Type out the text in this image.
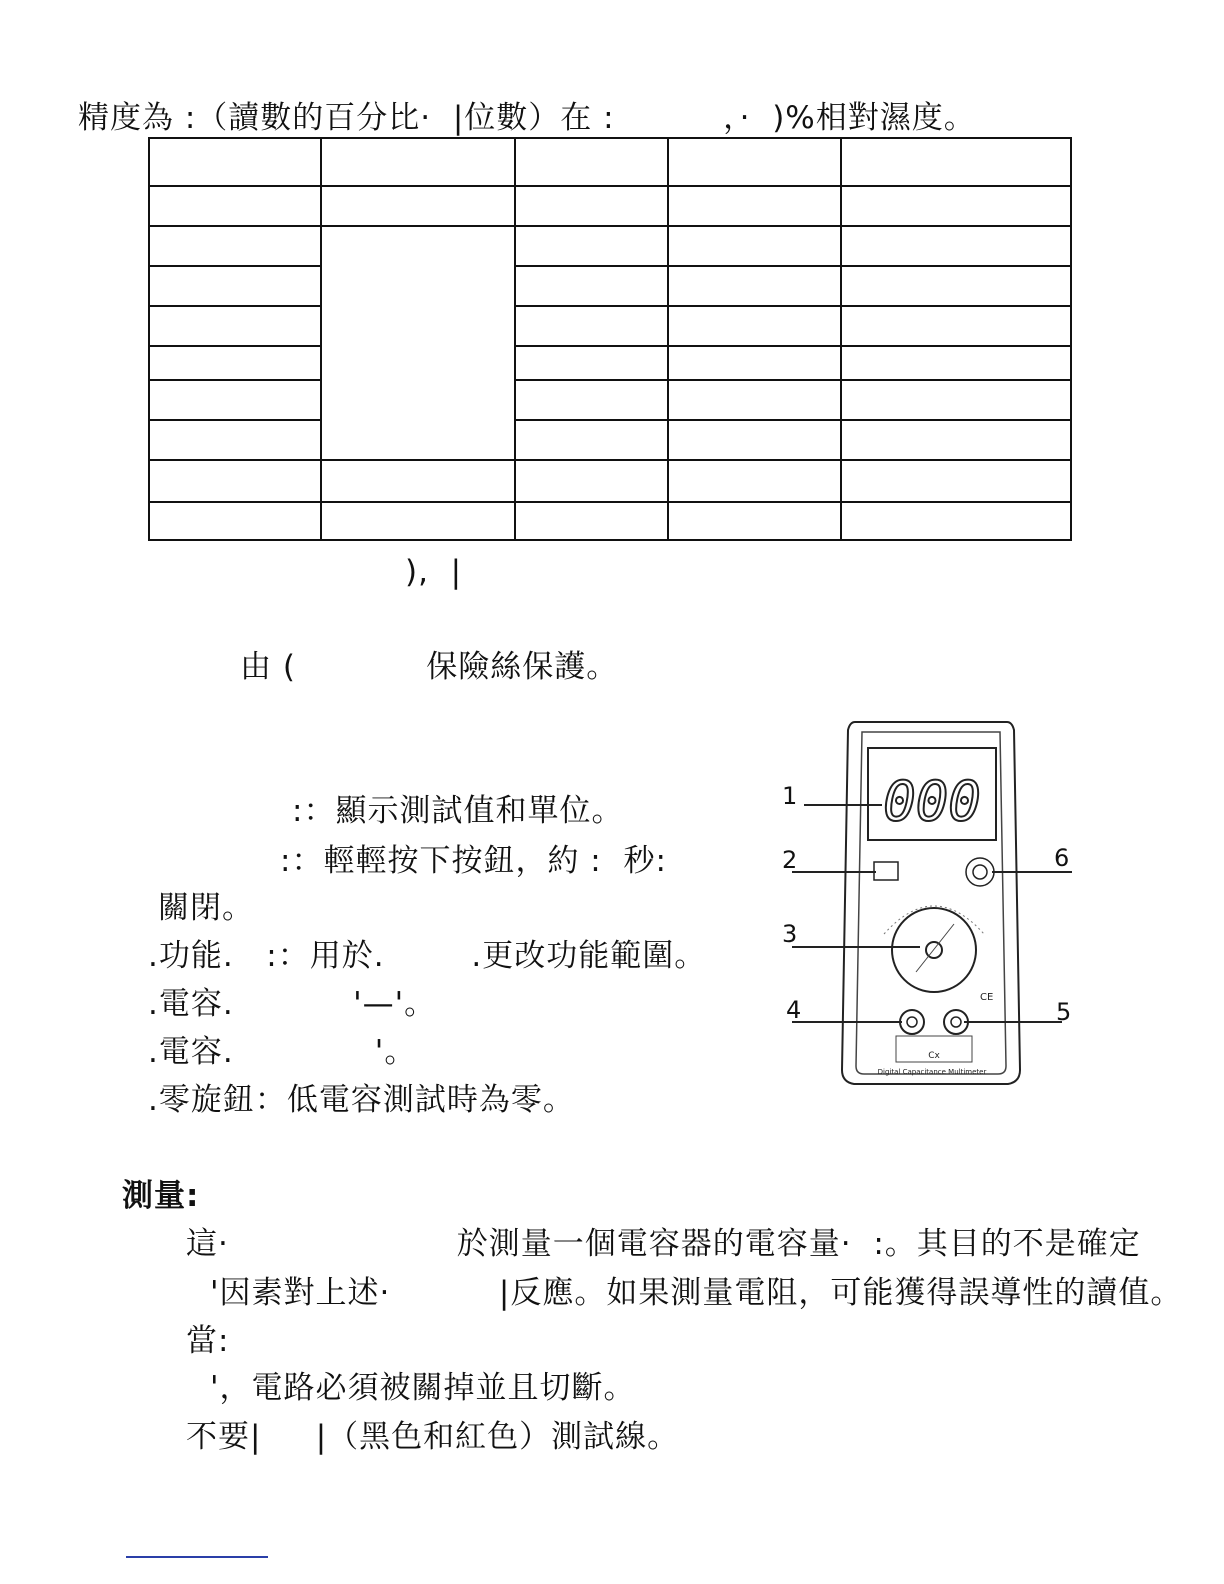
精度為 :（讀數的百分比·  |位數）在 :          ，·  )%相對濕度。

),  |
由 (            保險絲保護。
:：顯示測試值和單位。
:：輕輕按下按鈕，約 :  秒:
關閉。
.功能.   :：用於.        .更改功能範圍。
.電容.           '—'。
.電容.             '。
.零旋鈕：低電容測試時為零。
000
Cx
CE
Digital Capacitance Multimeter
1
2
3
4	5
6
測量:
這·                     於測量一個電容器的電容量·  :。其目的不是確定
'因素對上述·          |反應。如果測量電阻，可能獲得誤導性的讀值。
當:
'，電路必須被關掉並且切斷。
不要|     |（黑色和紅色）測試線。
